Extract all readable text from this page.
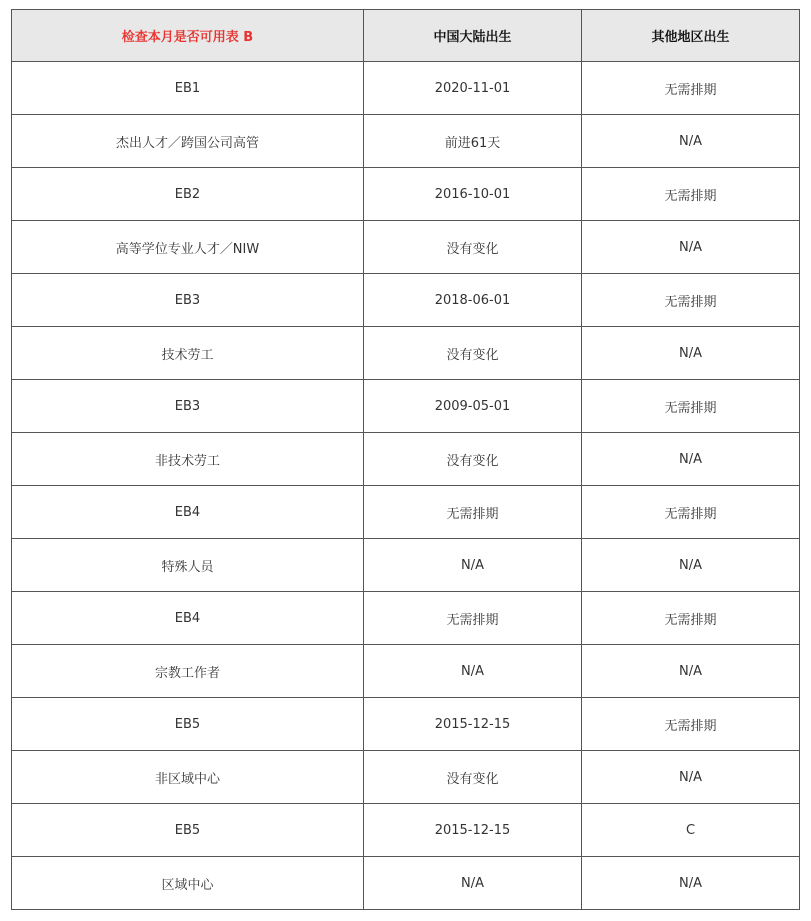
检查本月是否可用表 B	中国大陆出生	其他地区出生
EB1	2020-11-01	无需排期
杰出人才／跨国公司高管	前进61天	N/A
EB2	2016-10-01	无需排期
高等学位专业人才／NIW	没有变化	N/A
EB3	2018-06-01	无需排期
技术劳工	没有变化	N/A
EB3	2009-05-01	无需排期
非技术劳工	没有变化	N/A
EB4	无需排期	无需排期
特殊人员	N/A	N/A
EB4	无需排期	无需排期
宗教工作者	N/A	N/A
EB5	2015-12-15	无需排期
非区域中心	没有变化	N/A
EB5	2015-12-15	C
区域中心	N/A	N/A
